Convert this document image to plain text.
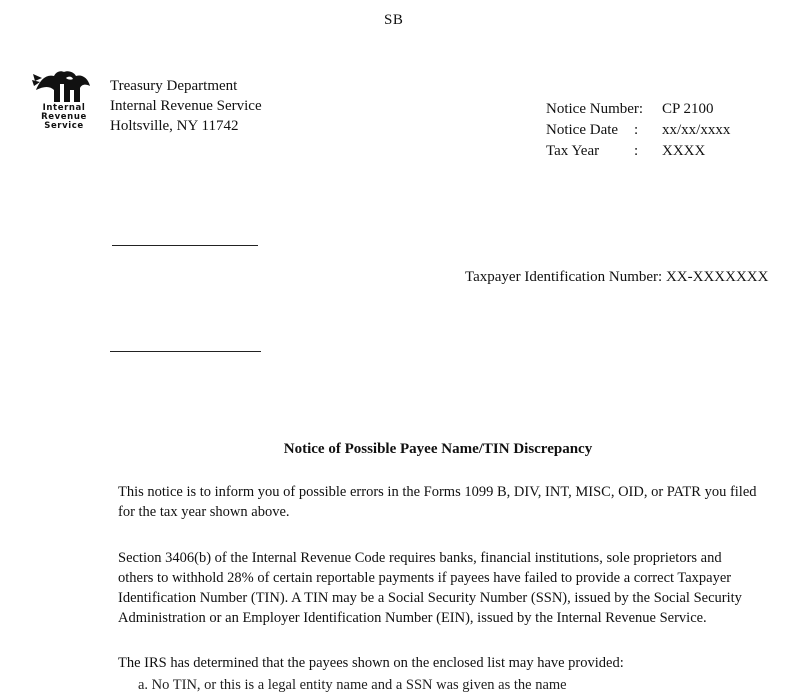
SB
Internal
Revenue
Service
Treasury Department
Internal Revenue Service
Holtsville, NY 11742
Notice Number: CP 2100
Notice Date	:	xx/xx/xxxx
Tax Year	:	XXXX
Taxpayer Identification Number: XX-XXXXXXX
Notice of Possible Payee Name/TIN Discrepancy

This notice is to inform you of possible errors in the Forms 1099 B, DIV, INT, MISC, OID, or PATR you filed for the tax year shown above.

Section 3406(b) of the Internal Revenue Code requires banks, financial institutions, sole proprietors and others to withhold 28% of certain reportable payments if payees have failed to provide a correct Taxpayer Identification Number (TIN). A TIN may be a Social Security Number (SSN), issued by the Social Security Administration or an Employer Identification Number (EIN), issued by the Internal Revenue Service.

The IRS has determined that the payees shown on the enclosed list may have provided:

a. No TIN, or this is a legal entity name and a SSN was given as the name
